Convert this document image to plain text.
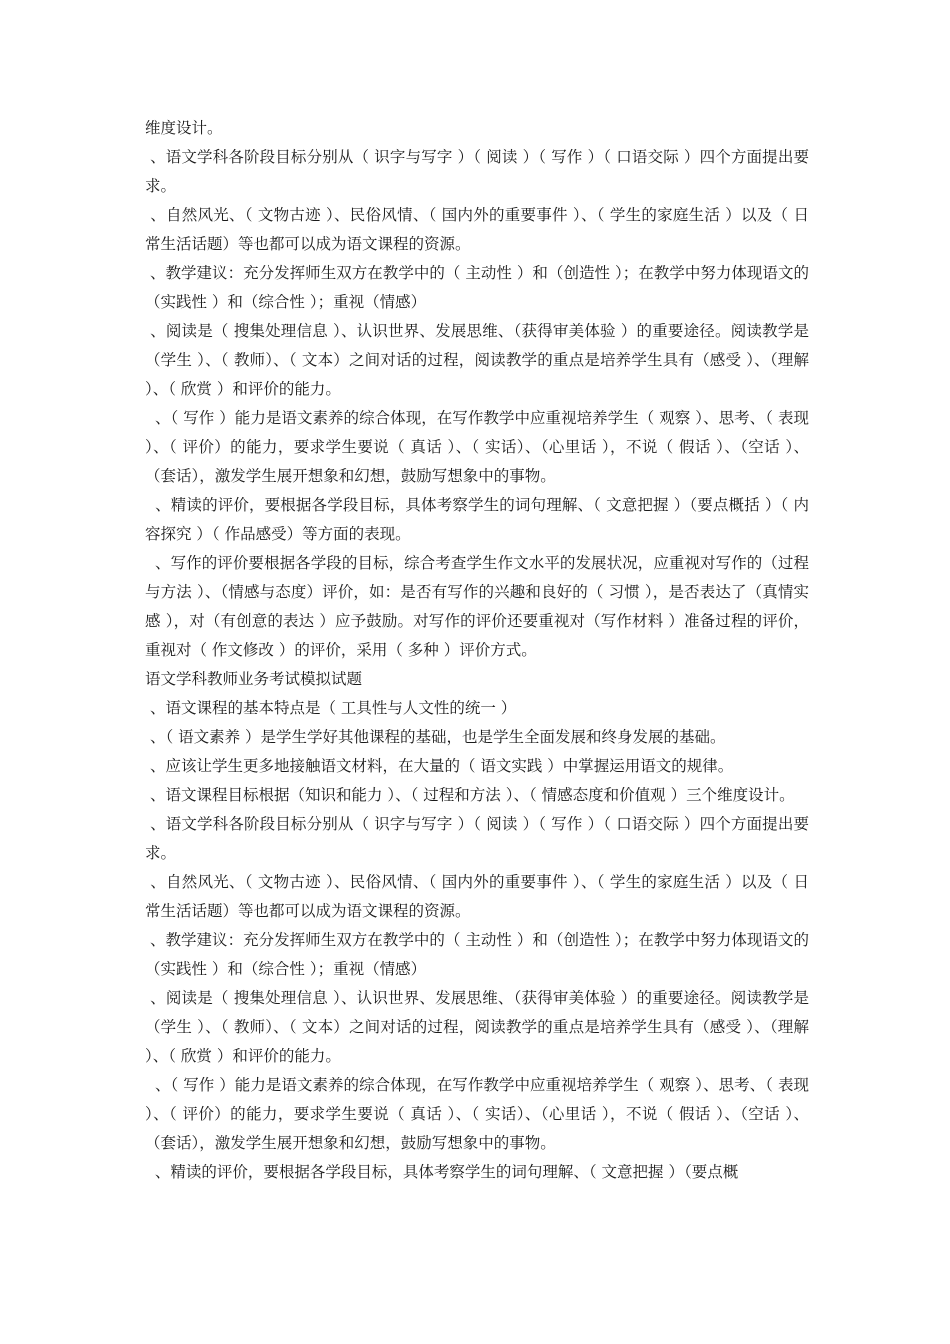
维度设计。

、语文学科各阶段目标分别从（ 识字与写字 ）（ 阅读 ）（ 写作 ）（ 口语交际 ）四个方面提出要求。

、自然风光、（ 文物古迹 ）、民俗风情、（ 国内外的重要事件 ）、（ 学生的家庭生活 ）以及（ 日常生活话题）等也都可以成为语文课程的资源。

、教学建议：充分发挥师生双方在教学中的（ 主动性 ）和（创造性 ）；在教学中努力体现语文的（实践性 ）和（综合性 ）；重视（情感）

、阅读是（ 搜集处理信息 ）、认识世界、发展思维、（获得审美体验 ）的重要途径。阅读教学是（学生 ）、（ 教师）、（ 文本）之间对话的过程，阅读教学的重点是培养学生具有（感受 ）、（理解 ）、（ 欣赏 ）和评价的能力。

、（ 写作 ）能力是语文素养的综合体现，在写作教学中应重视培养学生（ 观察 ）、思考、（ 表现 ）、（ 评价）的能力，要求学生要说（ 真话 ）、（ 实话）、（心里话 ），不说（ 假话 ）、（空话 ）、（套话），激发学生展开想象和幻想，鼓励写想象中的事物。

、精读的评价，要根据各学段目标，具体考察学生的词句理解、（ 文意把握 ）（要点概括 ）（ 内容探究 ）（ 作品感受）等方面的表现。

、写作的评价要根据各学段的目标，综合考查学生作文水平的发展状况，应重视对写作的（过程与方法 ）、（情感与态度）评价，如：是否有写作的兴趣和良好的（ 习惯 ），是否表达了（真情实感 ），对（有创意的表达 ）应予鼓励。对写作的评价还要重视对（写作材料 ）准备过程的评价，重视对（ 作文修改 ）的评价，采用（ 多种 ）评价方式。

语文学科教师业务考试模拟试题

、语文课程的基本特点是（ 工具性与人文性的统一 ）

、（ 语文素养 ）是学生学好其他课程的基础，也是学生全面发展和终身发展的基础。

、应该让学生更多地接触语文材料，在大量的（ 语文实践 ）中掌握运用语文的规律。

、语文课程目标根据（知识和能力 ）、（ 过程和方法 ）、（ 情感态度和价值观 ）三个维度设计。

、语文学科各阶段目标分别从（ 识字与写字 ）（ 阅读 ）（ 写作 ）（ 口语交际 ）四个方面提出要求。

、自然风光、（ 文物古迹 ）、民俗风情、（ 国内外的重要事件 ）、（ 学生的家庭生活 ）以及（ 日常生活话题）等也都可以成为语文课程的资源。

、教学建议：充分发挥师生双方在教学中的（ 主动性 ）和（创造性 ）；在教学中努力体现语文的（实践性 ）和（综合性 ）；重视（情感）

、阅读是（ 搜集处理信息 ）、认识世界、发展思维、（获得审美体验 ）的重要途径。阅读教学是（学生 ）、（ 教师）、（ 文本）之间对话的过程，阅读教学的重点是培养学生具有（感受 ）、（理解 ）、（ 欣赏 ）和评价的能力。

、（ 写作 ）能力是语文素养的综合体现，在写作教学中应重视培养学生（ 观察 ）、思考、（ 表现 ）、（ 评价）的能力，要求学生要说（ 真话 ）、（ 实话）、（心里话 ），不说（ 假话 ）、（空话 ）、（套话），激发学生展开想象和幻想，鼓励写想象中的事物。

、精读的评价，要根据各学段目标，具体考察学生的词句理解、（ 文意把握 ）（要点概
